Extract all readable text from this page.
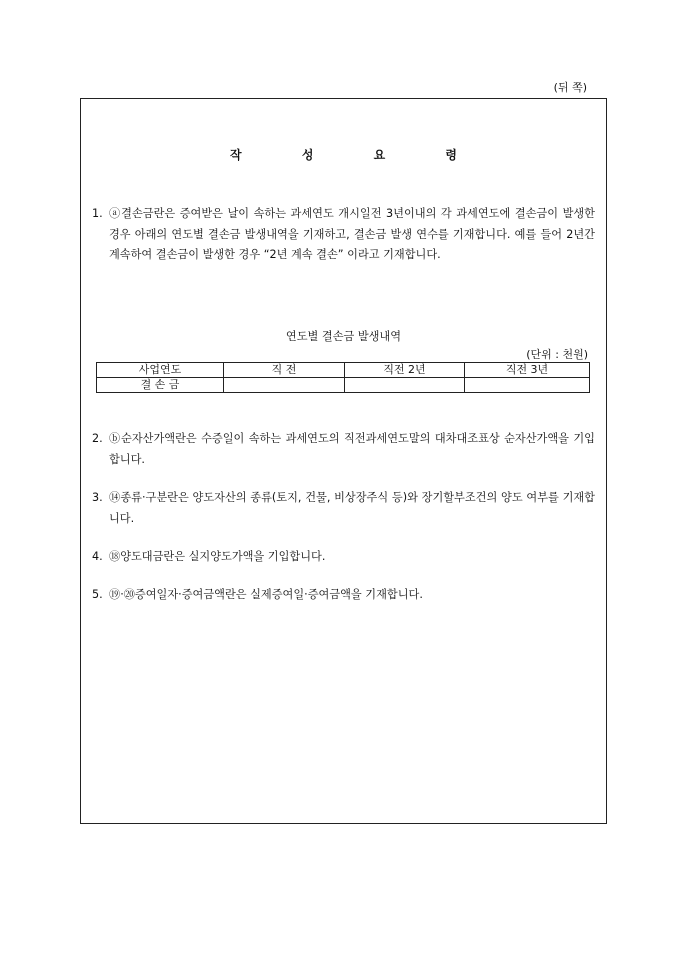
(뒤 쪽)
작 성 요 령
1. ⓐ결손금란은 증여받은 날이 속하는 과세연도 개시일전 3년이내의 각 과세연도에 결손금이 발생한 경우 아래의 연도별 결손금 발생내역을 기재하고, 결손금 발생 연수를 기재합니다. 예를 들어 2년간 계속하여 결손금이 발생한 경우 “2년 계속 결손” 이라고 기재합니다.
연도별 결손금 발생내역
(단위 : 천원)
사업연도	직 전	직전 2년	직전 3년
결 손 금			
2. ⓑ순자산가액란은 수증일이 속하는 과세연도의 직전과세연도말의 대차대조표상 순자산가액을 기입합니다.
3. ⑭종류·구분란은 양도자산의 종류(토지, 건물, 비상장주식 등)와 장기할부조건의 양도 여부를 기재합니다.
4. ⑱양도대금란은 실지양도가액을 기입합니다.
5. ⑲·⑳증여일자·증여금액란은 실제증여일·증여금액을 기재합니다.
